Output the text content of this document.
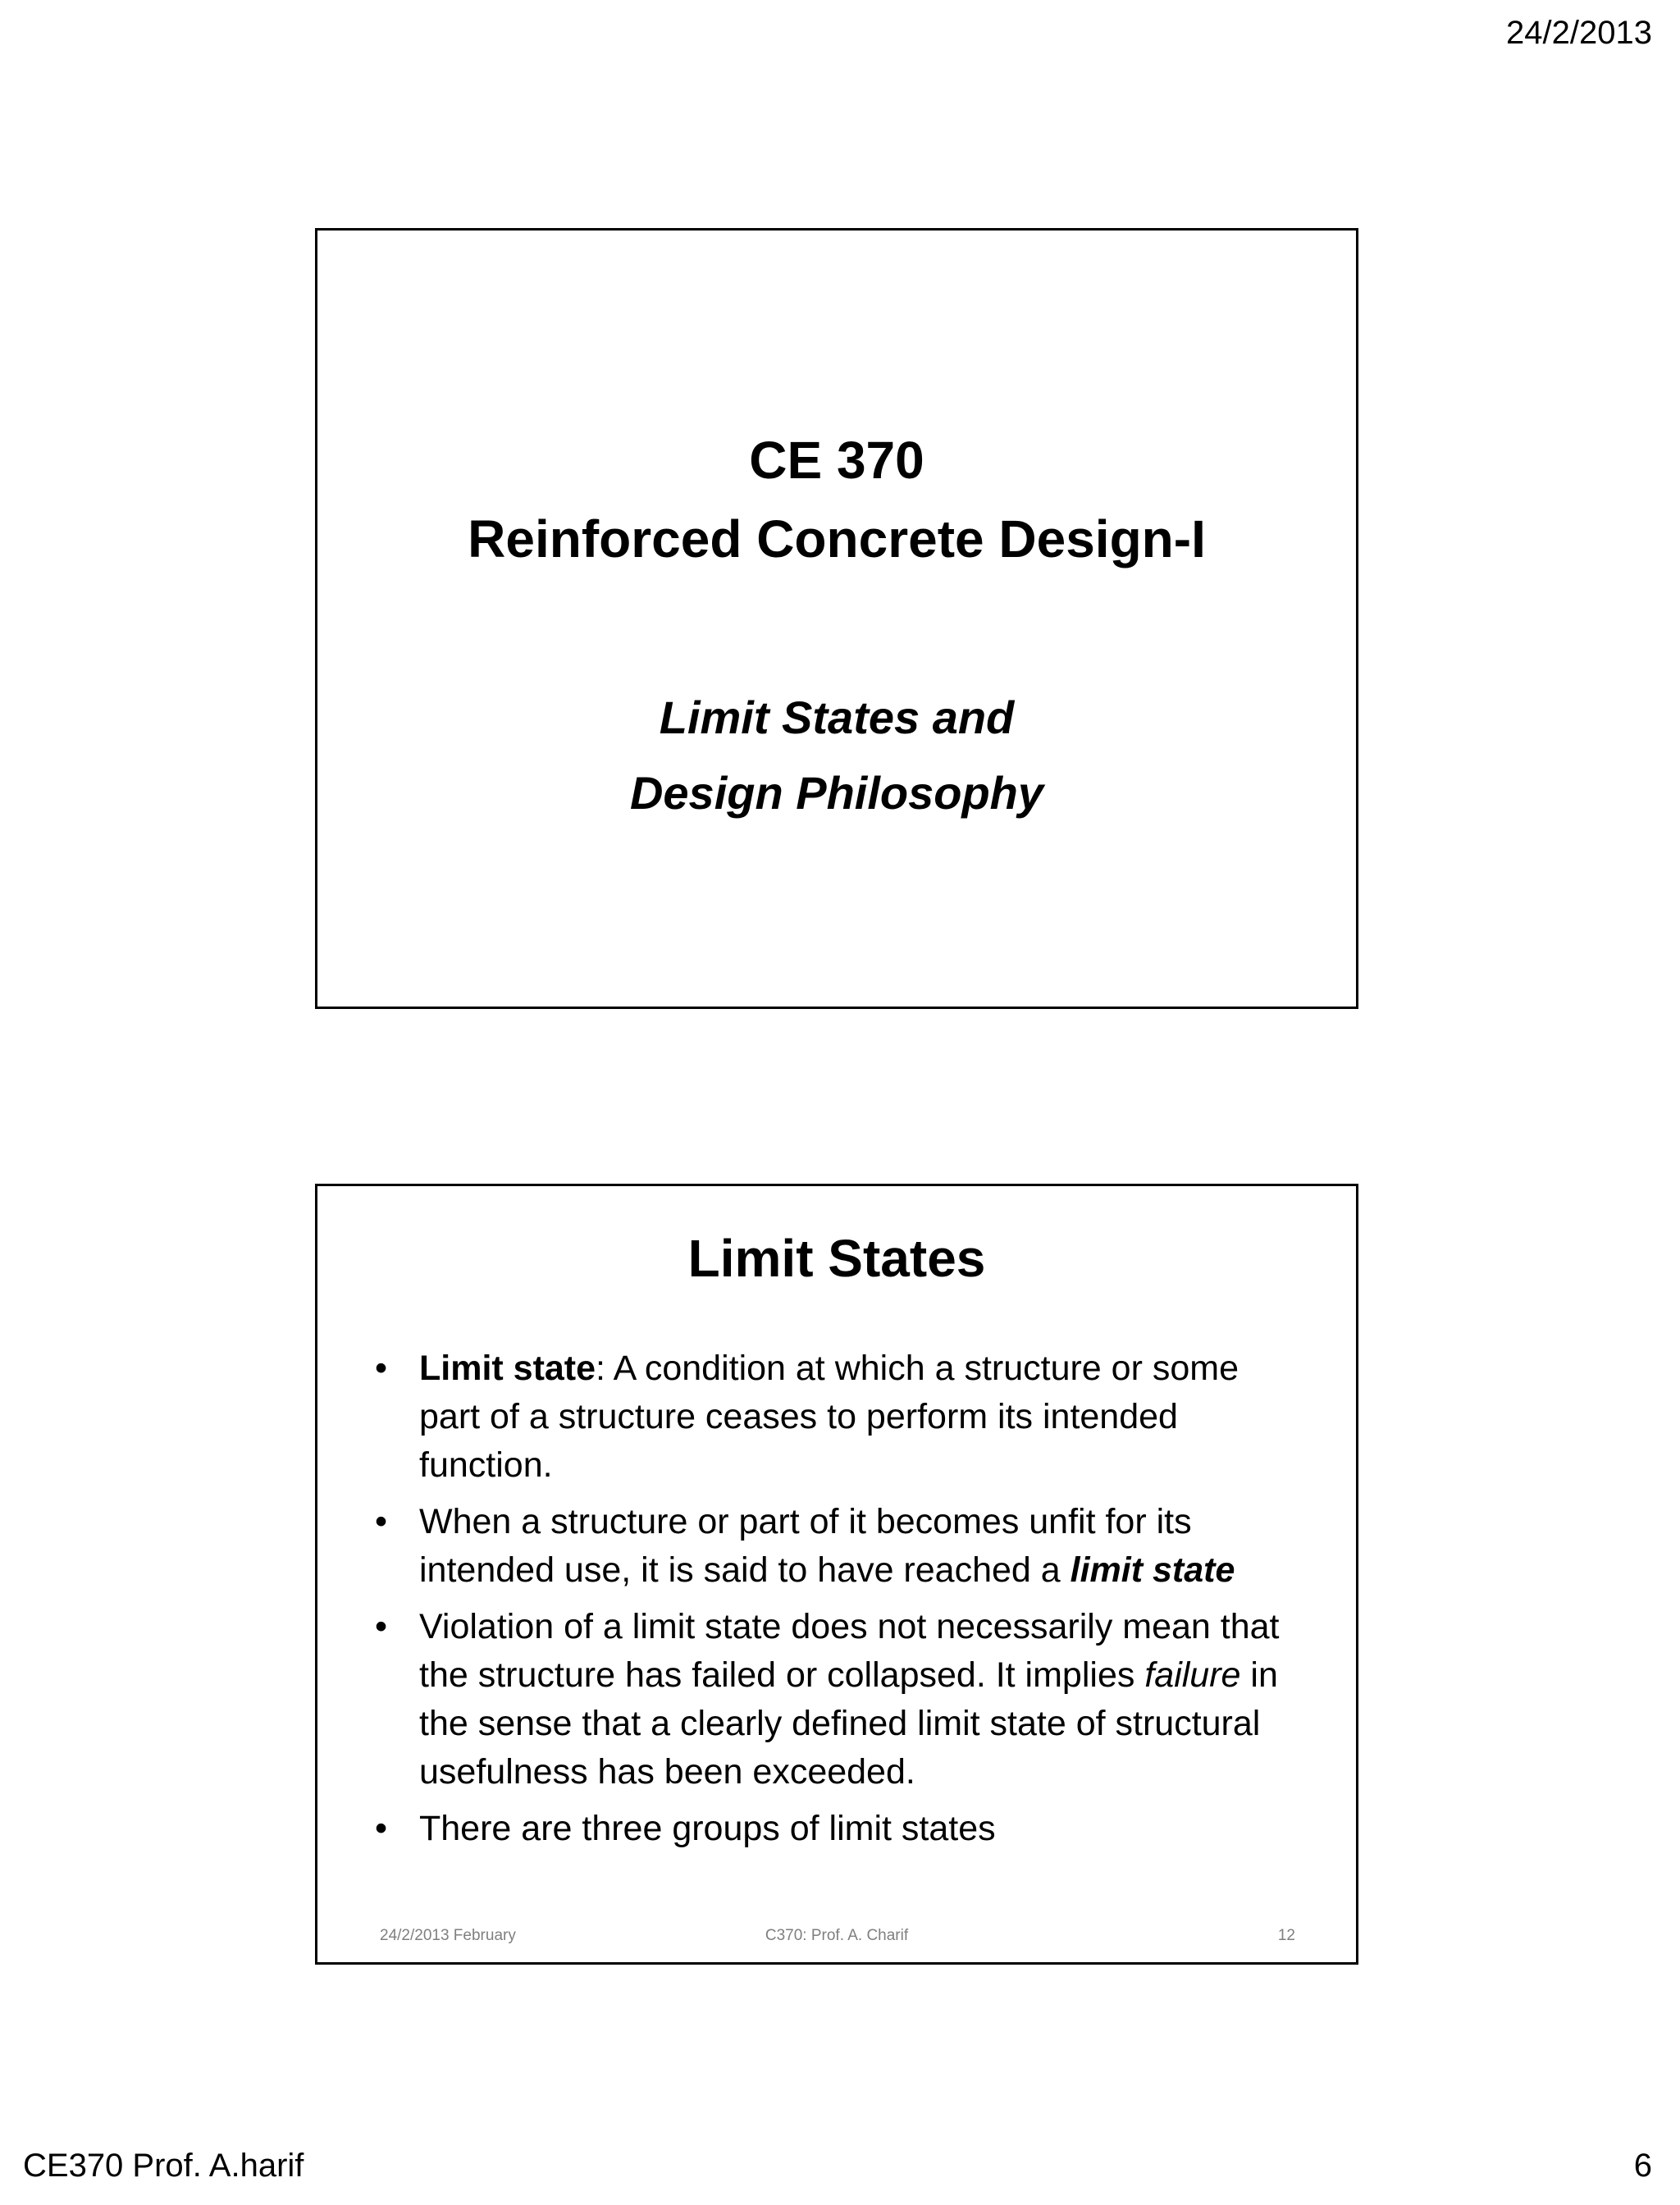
24/2/2013
CE 370
Reinforced Concrete Design-I
Limit States and
Design Philosophy
Limit States
• Limit state: A condition at which a structure or some part of a structure ceases to perform its intended function.
• When a structure or part of it becomes unfit for its intended use, it is said to have reached a limit state
• Violation of a limit state does not necessarily mean that the structure has failed or collapsed. It implies failure in the sense that a clearly defined limit state of structural usefulness has been exceeded.
• There are three groups of limit states
24/2/2013 February	C370: Prof. A. Charif	12
CE370 Prof. A.harif	6
